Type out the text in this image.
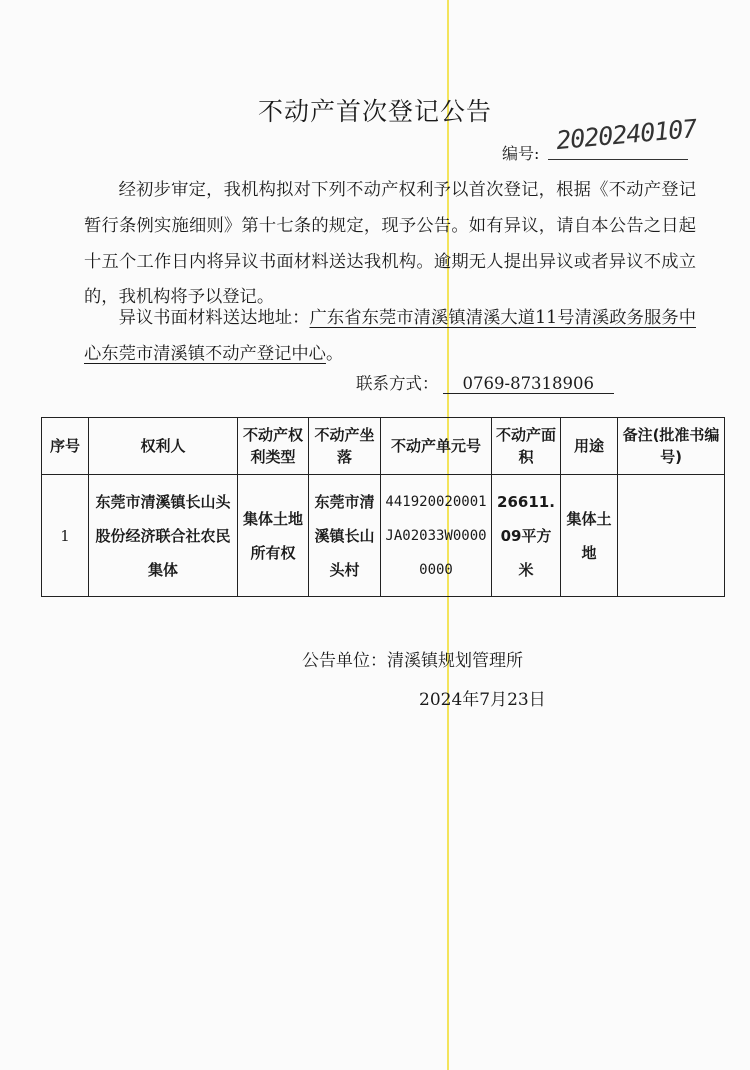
不动产首次登记公告
编号: 2020240107
经初步审定，我机构拟对下列不动产权利予以首次登记，根据《不动产登记暂行条例实施细则》第十七条的规定，现予公告。如有异议，请自本公告之日起十五个工作日内将异议书面材料送达我机构。逾期无人提出异议或者异议不成立的，我机构将予以登记。
异议书面材料送达地址：广东省东莞市清溪镇清溪大道11号清溪政务服务中心东莞市清溪镇不动产登记中心。
联系方式： 0769-87318906
序号	权利人	不动产权利类型	不动产坐落	不动产单元号	不动产面积	用途	备注(批准书编号)
1	东莞市清溪镇长山头股份经济联合社农民集体	集体土地所有权	东莞市清溪镇长山头村	441920020001JA02033W00000000	26611.09平方米	集体土地	
公告单位：清溪镇规划管理所
2024年7月23日
